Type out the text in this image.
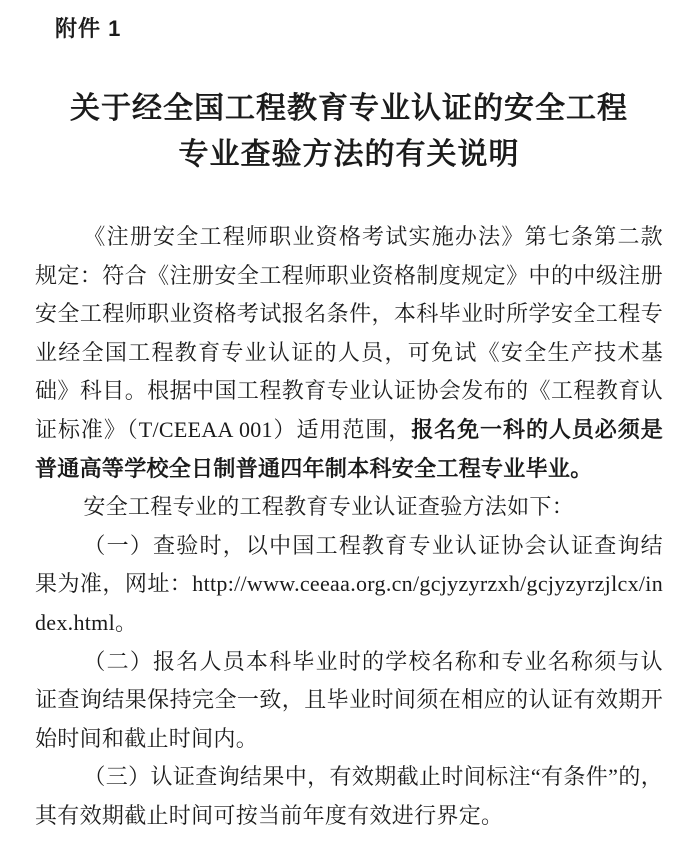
附件 1
关于经全国工程教育专业认证的安全工程
专业查验方法的有关说明

《注册安全工程师职业资格考试实施办法》第七条第二款规定：符合《注册安全工程师职业资格制度规定》中的中级注册安全工程师职业资格考试报名条件，本科毕业时所学安全工程专业经全国工程教育专业认证的人员，可免试《安全生产技术基础》科目。根据中国工程教育专业认证协会发布的《工程教育认证标准》（T/CEEAA 001）适用范围，报名免一科的人员必须是普通高等学校全日制普通四年制本科安全工程专业毕业。

安全工程专业的工程教育专业认证查验方法如下：

（一）查验时，以中国工程教育专业认证协会认证查询结果为准，网址：http://www.ceeaa.org.cn/gcjyzyrzxh/gcjyzyrzjlcx/index.html。

（二）报名人员本科毕业时的学校名称和专业名称须与认证查询结果保持完全一致，且毕业时间须在相应的认证有效期开始时间和截止时间内。

（三）认证查询结果中，有效期截止时间标注“有条件”的，其有效期截止时间可按当前年度有效进行界定。
